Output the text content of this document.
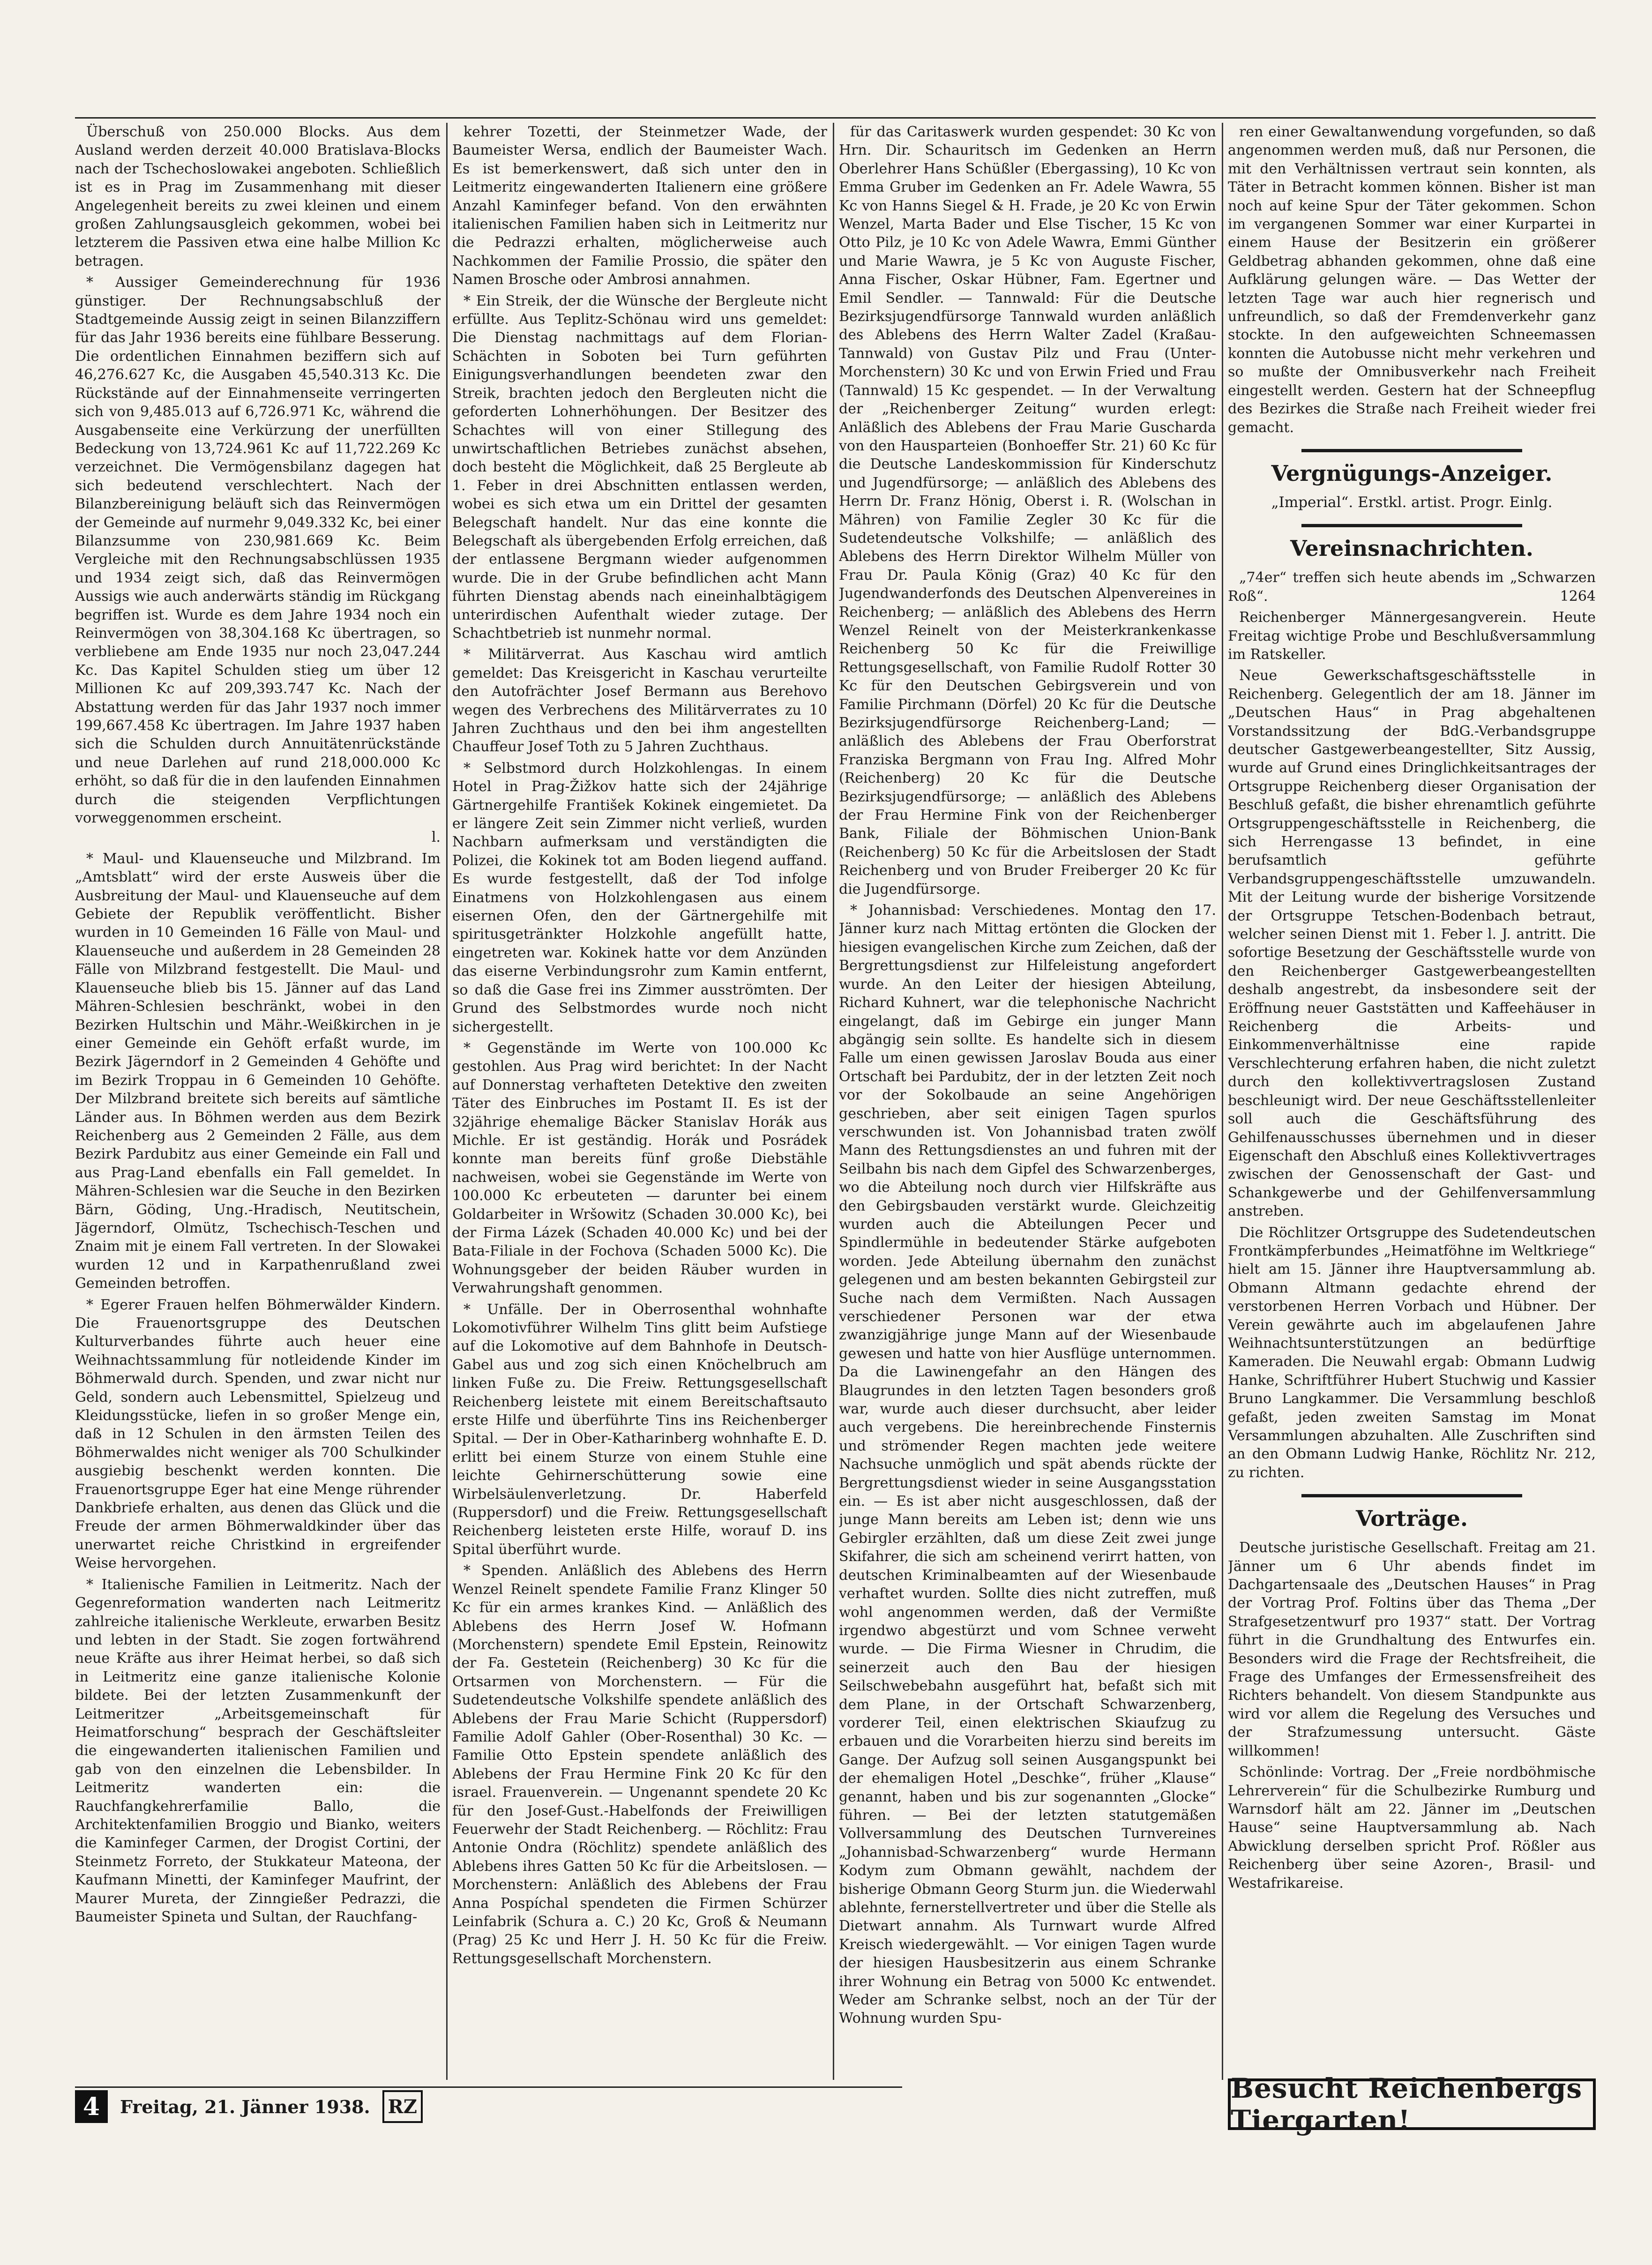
Überschuß von 250.000 Blocks. Aus dem Ausland werden derzeit 40.000 Bratislava-Blocks nach der Tschechoslowakei angeboten. Schließlich ist es in Prag im Zusammenhang mit dieser Angelegenheit bereits zu zwei kleinen und einem großen Zahlungsausgleich gekommen, wobei bei letzterem die Passiven etwa eine halbe Million Kc betragen.

* Aussiger Gemeinderechnung für 1936 günstiger. Der Rechnungsabschluß der Stadtgemeinde Aussig zeigt in seinen Bilanzziffern für das Jahr 1936 bereits eine fühlbare Besserung. Die ordentlichen Einnahmen beziffern sich auf 46,276.627 Kc, die Ausgaben 45,540.313 Kc. Die Rückstände auf der Einnahmenseite verringerten sich von 9,485.013 auf 6,726.971 Kc, während die Ausgabenseite eine Verkürzung der unerfüllten Bedeckung von 13,724.961 Kc auf 11,722.269 Kc verzeichnet. Die Vermögensbilanz dagegen hat sich bedeutend verschlechtert. Nach der Bilanzbereinigung beläuft sich das Reinvermögen der Gemeinde auf nurmehr 9,049.332 Kc, bei einer Bilanzsumme von 230,981.669 Kc. Beim Vergleiche mit den Rechnungsabschlüssen 1935 und 1934 zeigt sich, daß das Reinvermögen Aussigs wie auch anderwärts ständig im Rückgang begriffen ist. Wurde es dem Jahre 1934 noch ein Reinvermögen von 38,304.168 Kc übertragen, so verbliebene am Ende 1935 nur noch 23,047.244 Kc. Das Kapitel Schulden stieg um über 12 Millionen Kc auf 209,393.747 Kc. Nach der Abstattung werden für das Jahr 1937 noch immer 199,667.458 Kc übertragen. Im Jahre 1937 haben sich die Schulden durch Annuitätenrückstände und neue Darlehen auf rund 218,000.000 Kc erhöht, so daß für die in den laufenden Einnahmen durch die steigenden Verpflichtungen vorweggenommen erscheint.

l.

* Maul- und Klauenseuche und Milzbrand. Im „Amtsblatt“ wird der erste Ausweis über die Ausbreitung der Maul- und Klauenseuche auf dem Gebiete der Republik veröffentlicht. Bisher wurden in 10 Gemeinden 16 Fälle von Maul- und Klauenseuche und außerdem in 28 Gemeinden 28 Fälle von Milzbrand festgestellt. Die Maul- und Klauenseuche blieb bis 15. Jänner auf das Land Mähren-Schlesien beschränkt, wobei in den Bezirken Hultschin und Mähr.-Weißkirchen in je einer Gemeinde ein Gehöft erfaßt wurde, im Bezirk Jägerndorf in 2 Gemeinden 4 Gehöfte und im Bezirk Troppau in 6 Gemeinden 10 Gehöfte. Der Milzbrand breitete sich bereits auf sämtliche Länder aus. In Böhmen werden aus dem Bezirk Reichenberg aus 2 Gemeinden 2 Fälle, aus dem Bezirk Pardubitz aus einer Gemeinde ein Fall und aus Prag-Land ebenfalls ein Fall gemeldet. In Mähren-Schlesien war die Seuche in den Bezirken Bärn, Göding, Ung.-Hradisch, Neutitschein, Jägerndorf, Olmütz, Tschechisch-Teschen und Znaim mit je einem Fall vertreten. In der Slowakei wurden 12 und in Karpathenrußland zwei Gemeinden betroffen.

* Egerer Frauen helfen Böhmerwälder Kindern. Die Frauenortsgruppe des Deutschen Kulturverbandes führte auch heuer eine Weihnachtssammlung für notleidende Kinder im Böhmerwald durch. Spenden, und zwar nicht nur Geld, sondern auch Lebensmittel, Spielzeug und Kleidungsstücke, liefen in so großer Menge ein, daß in 12 Schulen in den ärmsten Teilen des Böhmerwaldes nicht weniger als 700 Schulkinder ausgiebig beschenkt werden konnten. Die Frauenortsgruppe Eger hat eine Menge rührender Dankbriefe erhalten, aus denen das Glück und die Freude der armen Böhmerwaldkinder über das unerwartet reiche Christkind in ergreifender Weise hervorgehen.

* Italienische Familien in Leitmeritz. Nach der Gegenreformation wanderten nach Leitmeritz zahlreiche italienische Werkleute, erwarben Besitz und lebten in der Stadt. Sie zogen fortwährend neue Kräfte aus ihrer Heimat herbei, so daß sich in Leitmeritz eine ganze italienische Kolonie bildete. Bei der letzten Zusammenkunft der Leitmeritzer „Arbeitsgemeinschaft für Heimatforschung“ besprach der Geschäftsleiter die eingewanderten italienischen Familien und gab von den einzelnen die Lebensbilder. In Leitmeritz wanderten ein: die Rauchfangkehrerfamilie Ballo, die Architektenfamilien Broggio und Bianko, weiters die Kaminfeger Carmen, der Drogist Cortini, der Steinmetz Forreto, der Stukkateur Mateona, der Kaufmann Minetti, der Kaminfeger Maufrint, der Maurer Mureta, der Zinngießer Pedrazzi, die Baumeister Spineta und Sultan, der Rauchfang-

kehrer Tozetti, der Steinmetzer Wade, der Baumeister Wersa, endlich der Baumeister Wach. Es ist bemerkenswert, daß sich unter den in Leitmeritz eingewanderten Italienern eine größere Anzahl Kaminfeger befand. Von den erwähnten italienischen Familien haben sich in Leitmeritz nur die Pedrazzi erhalten, möglicherweise auch Nachkommen der Familie Prossio, die später den Namen Brosche oder Ambrosi annahmen.

* Ein Streik, der die Wünsche der Bergleute nicht erfüllte. Aus Teplitz-Schönau wird uns gemeldet: Die Dienstag nachmittags auf dem Florian-Schächten in Soboten bei Turn geführten Einigungsverhandlungen beendeten zwar den Streik, brachten jedoch den Bergleuten nicht die geforderten Lohnerhöhungen. Der Besitzer des Schachtes will von einer Stillegung des unwirtschaftlichen Betriebes zunächst absehen, doch besteht die Möglichkeit, daß 25 Bergleute ab 1. Feber in drei Abschnitten entlassen werden, wobei es sich etwa um ein Drittel der gesamten Belegschaft handelt. Nur das eine konnte die Belegschaft als übergebenden Erfolg erreichen, daß der entlassene Bergmann wieder aufgenommen wurde. Die in der Grube befindlichen acht Mann führten Dienstag abends nach eineinhalbtägigem unterirdischen Aufenthalt wieder zutage. Der Schachtbetrieb ist nunmehr normal.

* Militärverrat. Aus Kaschau wird amtlich gemeldet: Das Kreisgericht in Kaschau verurteilte den Autofrächter Josef Bermann aus Berehovo wegen des Verbrechens des Militärverrates zu 10 Jahren Zuchthaus und den bei ihm angestellten Chauffeur Josef Toth zu 5 Jahren Zuchthaus.

* Selbstmord durch Holzkohlengas. In einem Hotel in Prag-Žižkov hatte sich der 24jährige Gärtnergehilfe František Kokinek eingemietet. Da er längere Zeit sein Zimmer nicht verließ, wurden Nachbarn aufmerksam und verständigten die Polizei, die Kokinek tot am Boden liegend auffand. Es wurde festgestellt, daß der Tod infolge Einatmens von Holzkohlengasen aus einem eisernen Ofen, den der Gärtnergehilfe mit spiritusgetränkter Holzkohle angefüllt hatte, eingetreten war. Kokinek hatte vor dem Anzünden das eiserne Verbindungsrohr zum Kamin entfernt, so daß die Gase frei ins Zimmer ausströmten. Der Grund des Selbstmordes wurde noch nicht sichergestellt.

* Gegenstände im Werte von 100.000 Kc gestohlen. Aus Prag wird berichtet: In der Nacht auf Donnerstag verhafteten Detektive den zweiten Täter des Einbruches im Postamt II. Es ist der 32jährige ehemalige Bäcker Stanislav Horák aus Michle. Er ist geständig. Horák und Posrádek konnte man bereits fünf große Diebstähle nachweisen, wobei sie Gegenstände im Werte von 100.000 Kc erbeuteten — darunter bei einem Goldarbeiter in Wršowitz (Schaden 30.000 Kc), bei der Firma Lázek (Schaden 40.000 Kc) und bei der Bata-Filiale in der Fochova (Schaden 5000 Kc). Die Wohnungsgeber der beiden Räuber wurden in Verwahrungshaft genommen.

* Unfälle. Der in Oberrosenthal wohnhafte Lokomotivführer Wilhelm Tins glitt beim Aufstiege auf die Lokomotive auf dem Bahnhofe in Deutsch-Gabel aus und zog sich einen Knöchelbruch am linken Fuße zu. Die Freiw. Rettungsgesellschaft Reichenberg leistete mit einem Bereitschaftsauto erste Hilfe und überführte Tins ins Reichenberger Spital. — Der in Ober-Katharinberg wohnhafte E. D. erlitt bei einem Sturze von einem Stuhle eine leichte Gehirnerschütterung sowie eine Wirbelsäulenverletzung. Dr. Haberfeld (Ruppersdorf) und die Freiw. Rettungsgesellschaft Reichenberg leisteten erste Hilfe, worauf D. ins Spital überführt wurde.

* Spenden. Anläßlich des Ablebens des Herrn Wenzel Reinelt spendete Familie Franz Klinger 50 Kc für ein armes krankes Kind. — Anläßlich des Ablebens des Herrn Josef W. Hofmann (Morchenstern) spendete Emil Epstein, Reinowitz der Fa. Gestetein (Reichenberg) 30 Kc für die Ortsarmen von Morchenstern. — Für die Sudetendeutsche Volkshilfe spendete anläßlich des Ablebens der Frau Marie Schicht (Ruppersdorf) Familie Adolf Gahler (Ober-Rosenthal) 30 Kc. — Familie Otto Epstein spendete anläßlich des Ablebens der Frau Hermine Fink 20 Kc für den israel. Frauenverein. — Ungenannt spendete 20 Kc für den Josef-Gust.-Habelfonds der Freiwilligen Feuerwehr der Stadt Reichenberg. — Röchlitz: Frau Antonie Ondra (Röchlitz) spendete anläßlich des Ablebens ihres Gatten 50 Kc für die Arbeitslosen. — Morchenstern: Anläßlich des Ablebens der Frau Anna Pospíchal spendeten die Firmen Schürzer Leinfabrik (Schura a. C.) 20 Kc, Groß & Neumann (Prag) 25 Kc und Herr J. H. 50 Kc für die Freiw. Rettungsgesellschaft Morchenstern.

für das Caritaswerk wurden gespendet: 30 Kc von Hrn. Dir. Schauritsch im Gedenken an Herrn Oberlehrer Hans Schüßler (Ebergassing), 10 Kc von Emma Gruber im Gedenken an Fr. Adele Wawra, 55 Kc von Hanns Siegel & H. Frade, je 20 Kc von Erwin Wenzel, Marta Bader und Else Tischer, 15 Kc von Otto Pilz, je 10 Kc von Adele Wawra, Emmi Günther und Marie Wawra, je 5 Kc von Auguste Fischer, Anna Fischer, Oskar Hübner, Fam. Egertner und Emil Sendler. — Tannwald: Für die Deutsche Bezirksjugendfürsorge Tannwald wurden anläßlich des Ablebens des Herrn Walter Zadel (Kraßau-Tannwald) von Gustav Pilz und Frau (Unter-Morchenstern) 30 Kc und von Erwin Fried und Frau (Tannwald) 15 Kc gespendet. — In der Verwaltung der „Reichenberger Zeitung“ wurden erlegt: Anläßlich des Ablebens der Frau Marie Guscharda von den Hausparteien (Bonhoeffer Str. 21) 60 Kc für die Deutsche Landeskommission für Kinderschutz und Jugendfürsorge; — anläßlich des Ablebens des Herrn Dr. Franz Hönig, Oberst i. R. (Wolschan in Mähren) von Familie Zegler 30 Kc für die Sudetendeutsche Volkshilfe; — anläßlich des Ablebens des Herrn Direktor Wilhelm Müller von Frau Dr. Paula König (Graz) 40 Kc für den Jugendwanderfonds des Deutschen Alpenvereines in Reichenberg; — anläßlich des Ablebens des Herrn Wenzel Reinelt von der Meisterkrankenkasse Reichenberg 50 Kc für die Freiwillige Rettungsgesellschaft, von Familie Rudolf Rotter 30 Kc für den Deutschen Gebirgsverein und von Familie Pirchmann (Dörfel) 20 Kc für die Deutsche Bezirksjugendfürsorge Reichenberg-Land; — anläßlich des Ablebens der Frau Oberforstrat Franziska Bergmann von Frau Ing. Alfred Mohr (Reichenberg) 20 Kc für die Deutsche Bezirksjugendfürsorge; — anläßlich des Ablebens der Frau Hermine Fink von der Reichenberger Bank, Filiale der Böhmischen Union-Bank (Reichenberg) 50 Kc für die Arbeitslosen der Stadt Reichenberg und von Bruder Freiberger 20 Kc für die Jugendfürsorge.

* Johannisbad: Verschiedenes. Montag den 17. Jänner kurz nach Mittag ertönten die Glocken der hiesigen evangelischen Kirche zum Zeichen, daß der Bergrettungsdienst zur Hilfeleistung angefordert wurde. An den Leiter der hiesigen Abteilung, Richard Kuhnert, war die telephonische Nachricht eingelangt, daß im Gebirge ein junger Mann abgängig sein sollte. Es handelte sich in diesem Falle um einen gewissen Jaroslav Bouda aus einer Ortschaft bei Pardubitz, der in der letzten Zeit noch vor der Sokolbaude an seine Angehörigen geschrieben, aber seit einigen Tagen spurlos verschwunden ist. Von Johannisbad traten zwölf Mann des Rettungsdienstes an und fuhren mit der Seilbahn bis nach dem Gipfel des Schwarzenberges, wo die Abteilung noch durch vier Hilfskräfte aus den Gebirgsbauden verstärkt wurde. Gleichzeitig wurden auch die Abteilungen Pecer und Spindlermühle in bedeutender Stärke aufgeboten worden. Jede Abteilung übernahm den zunächst gelegenen und am besten bekannten Gebirgsteil zur Suche nach dem Vermißten. Nach Aussagen verschiedener Personen war der etwa zwanzigjährige junge Mann auf der Wiesenbaude gewesen und hatte von hier Ausflüge unternommen. Da die Lawinengefahr an den Hängen des Blaugrundes in den letzten Tagen besonders groß war, wurde auch dieser durchsucht, aber leider auch vergebens. Die hereinbrechende Finsternis und strömender Regen machten jede weitere Nachsuche unmöglich und spät abends rückte der Bergrettungsdienst wieder in seine Ausgangsstation ein. — Es ist aber nicht ausgeschlossen, daß der junge Mann bereits am Leben ist; denn wie uns Gebirgler erzählten, daß um diese Zeit zwei junge Skifahrer, die sich am scheinend verirrt hatten, von deutschen Kriminalbeamten auf der Wiesenbaude verhaftet wurden. Sollte dies nicht zutreffen, muß wohl angenommen werden, daß der Vermißte irgendwo abgestürzt und vom Schnee verweht wurde. — Die Firma Wiesner in Chrudim, die seinerzeit auch den Bau der hiesigen Seilschwebebahn ausgeführt hat, befaßt sich mit dem Plane, in der Ortschaft Schwarzenberg, vorderer Teil, einen elektrischen Skiaufzug zu erbauen und die Vorarbeiten hierzu sind bereits im Gange. Der Aufzug soll seinen Ausgangspunkt bei der ehemaligen Hotel „Deschke“, früher „Klause“ genannt, haben und bis zur sogenannten „Glocke“ führen. — Bei der letzten statutgemäßen Vollversammlung des Deutschen Turnvereines „Johannisbad-Schwarzenberg“ wurde Hermann Kodym zum Obmann gewählt, nachdem der bisherige Obmann Georg Sturm jun. die Wiederwahl ablehnte, fernerstellvertreter und über die Stelle als Dietwart annahm. Als Turnwart wurde Alfred Kreisch wiedergewählt. — Vor einigen Tagen wurde der hiesigen Hausbesitzerin aus einem Schranke ihrer Wohnung ein Betrag von 5000 Kc entwendet. Weder am Schranke selbst, noch an der Tür der Wohnung wurden Spu-

ren einer Gewaltanwendung vorgefunden, so daß angenommen werden muß, daß nur Personen, die mit den Verhältnissen vertraut sein konnten, als Täter in Betracht kommen können. Bisher ist man noch auf keine Spur der Täter gekommen. Schon im vergangenen Sommer war einer Kurpartei in einem Hause der Besitzerin ein größerer Geldbetrag abhanden gekommen, ohne daß eine Aufklärung gelungen wäre. — Das Wetter der letzten Tage war auch hier regnerisch und unfreundlich, so daß der Fremdenverkehr ganz stockte. In den aufgeweichten Schneemassen konnten die Autobusse nicht mehr verkehren und so mußte der Omnibusverkehr nach Freiheit eingestellt werden. Gestern hat der Schneepflug des Bezirkes die Straße nach Freiheit wieder frei gemacht.

Vergnügungs-Anzeiger.
„Imperial“. Erstkl. artist. Progr. Einlg.
Vereinsnachrichten.

„74er“ treffen sich heute abends im „Schwarzen Roß“.	1264

Reichenberger Männergesangverein. Heute Freitag wichtige Probe und Beschlußversammlung im Ratskeller.

Neue Gewerkschaftsgeschäftsstelle in Reichenberg. Gelegentlich der am 18. Jänner im „Deutschen Haus“ in Prag abgehaltenen Vorstandssitzung der BdG.-Verbandsgruppe deutscher Gastgewerbeangestellter, Sitz Aussig, wurde auf Grund eines Dringlichkeitsantrages der Ortsgruppe Reichenberg dieser Organisation der Beschluß gefaßt, die bisher ehrenamtlich geführte Ortsgruppengeschäftsstelle in Reichenberg, die sich Herrengasse 13 befindet, in eine berufsamtlich geführte Verbandsgruppengeschäftsstelle umzuwandeln. Mit der Leitung wurde der bisherige Vorsitzende der Ortsgruppe Tetschen-Bodenbach betraut, welcher seinen Dienst mit 1. Feber l. J. antritt. Die sofortige Besetzung der Geschäftsstelle wurde von den Reichenberger Gastgewerbeangestellten deshalb angestrebt, da insbesondere seit der Eröffnung neuer Gaststätten und Kaffeehäuser in Reichenberg die Arbeits- und Einkommenverhältnisse eine rapide Verschlechterung erfahren haben, die nicht zuletzt durch den kollektivvertragslosen Zustand beschleunigt wird. Der neue Geschäftsstellenleiter soll auch die Geschäftsführung des Gehilfenausschusses übernehmen und in dieser Eigenschaft den Abschluß eines Kollektivvertrages zwischen der Genossenschaft der Gast- und Schankgewerbe und der Gehilfenversammlung anstreben.

Die Röchlitzer Ortsgruppe des Sudetendeutschen Frontkämpferbundes „Heimatföhne im Weltkriege“ hielt am 15. Jänner ihre Hauptversammlung ab. Obmann Altmann gedachte ehrend der verstorbenen Herren Vorbach und Hübner. Der Verein gewährte auch im abgelaufenen Jahre Weihnachtsunterstützungen an bedürftige Kameraden. Die Neuwahl ergab: Obmann Ludwig Hanke, Schriftführer Hubert Stuchwig und Kassier Bruno Langkammer. Die Versammlung beschloß gefaßt, jeden zweiten Samstag im Monat Versammlungen abzuhalten. Alle Zuschriften sind an den Obmann Ludwig Hanke, Röchlitz Nr. 212, zu richten.

Vorträge.

Deutsche juristische Gesellschaft. Freitag am 21. Jänner um 6 Uhr abends findet im Dachgartensaale des „Deutschen Hauses“ in Prag der Vortrag Prof. Foltins über das Thema „Der Strafgesetzentwurf pro 1937“ statt. Der Vortrag führt in die Grundhaltung des Entwurfes ein. Besonders wird die Frage der Rechtsfreiheit, die Frage des Umfanges der Ermessensfreiheit des Richters behandelt. Von diesem Standpunkte aus wird vor allem die Regelung des Versuches und der Strafzumessung untersucht. Gäste willkommen!

Schönlinde: Vortrag. Der „Freie nordböhmische Lehrerverein“ für die Schulbezirke Rumburg und Warnsdorf hält am 22. Jänner im „Deutschen Hause“ seine Hauptversammlung ab. Nach Abwicklung derselben spricht Prof. Rößler aus Reichenberg über seine Azoren-, Brasil- und Westafrikareise.

4	Freitag, 21. Jänner 1938. RZ
Besucht Reichenbergs Tiergarten!
